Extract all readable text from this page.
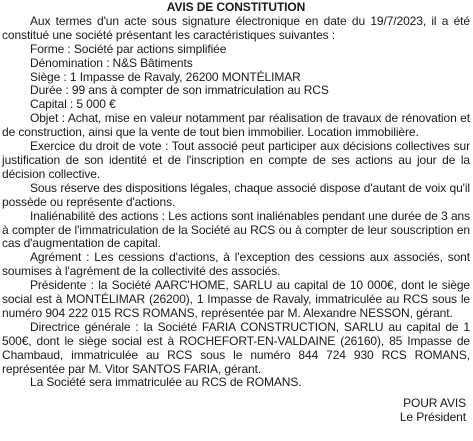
AVIS DE CONSTITUTION

Aux termes d'un acte sous signature électronique en date du 19/7/2023, il a été constitué une société présentant les caractéristiques suivantes :

Forme : Société par actions simplifiée

Dénomination : N&S Bâtiments

Siège : 1 Impasse de Ravaly, 26200 MONTÉLIMAR

Durée : 99 ans à compter de son immatriculation au RCS

Capital : 5 000 €

Objet : Achat, mise en valeur notamment par réalisation de travaux de rénovation et de construction, ainsi que la vente de tout bien immobilier. Location immobilière.

Exercice du droit de vote : Tout associé peut participer aux décisions collectives sur justification de son identité et de l'inscription en compte de ses actions au jour de la décision collective.

Sous réserve des dispositions légales, chaque associé dispose d'autant de voix qu'il possède ou représente d'actions.

Inaliénabilité des actions : Les actions sont inaliénables pendant une durée de 3 ans à compter de l'immatriculation de la Société au RCS ou à compter de leur souscription en cas d'augmentation de capital.

Agrément : Les cessions d'actions, à l'exception des cessions aux associés, sont soumises à l'agrément de la collectivité des associés.

Présidente : la Société AARC'HOME, SARLU au capital de 10 000€, dont le siège social est à MONTÉLIMAR (26200), 1 Impasse de Ravaly, immatriculée au RCS sous le numéro 904 222 015 RCS ROMANS, représentée par M. Alexandre NESSON, gérant.

Directrice générale : la Société FARIA CONSTRUCTION, SARLU au capital de 1 500€, dont le siège social est à ROCHEFORT-EN-VALDAINE (26160), 85 Impasse de Chambaud, immatriculée au RCS sous le numéro 844 724 930 RCS ROMANS, représentée par M. Vitor SANTOS FARIA, gérant.

La Société sera immatriculée au RCS de ROMANS.

POUR AVIS

Le Président
